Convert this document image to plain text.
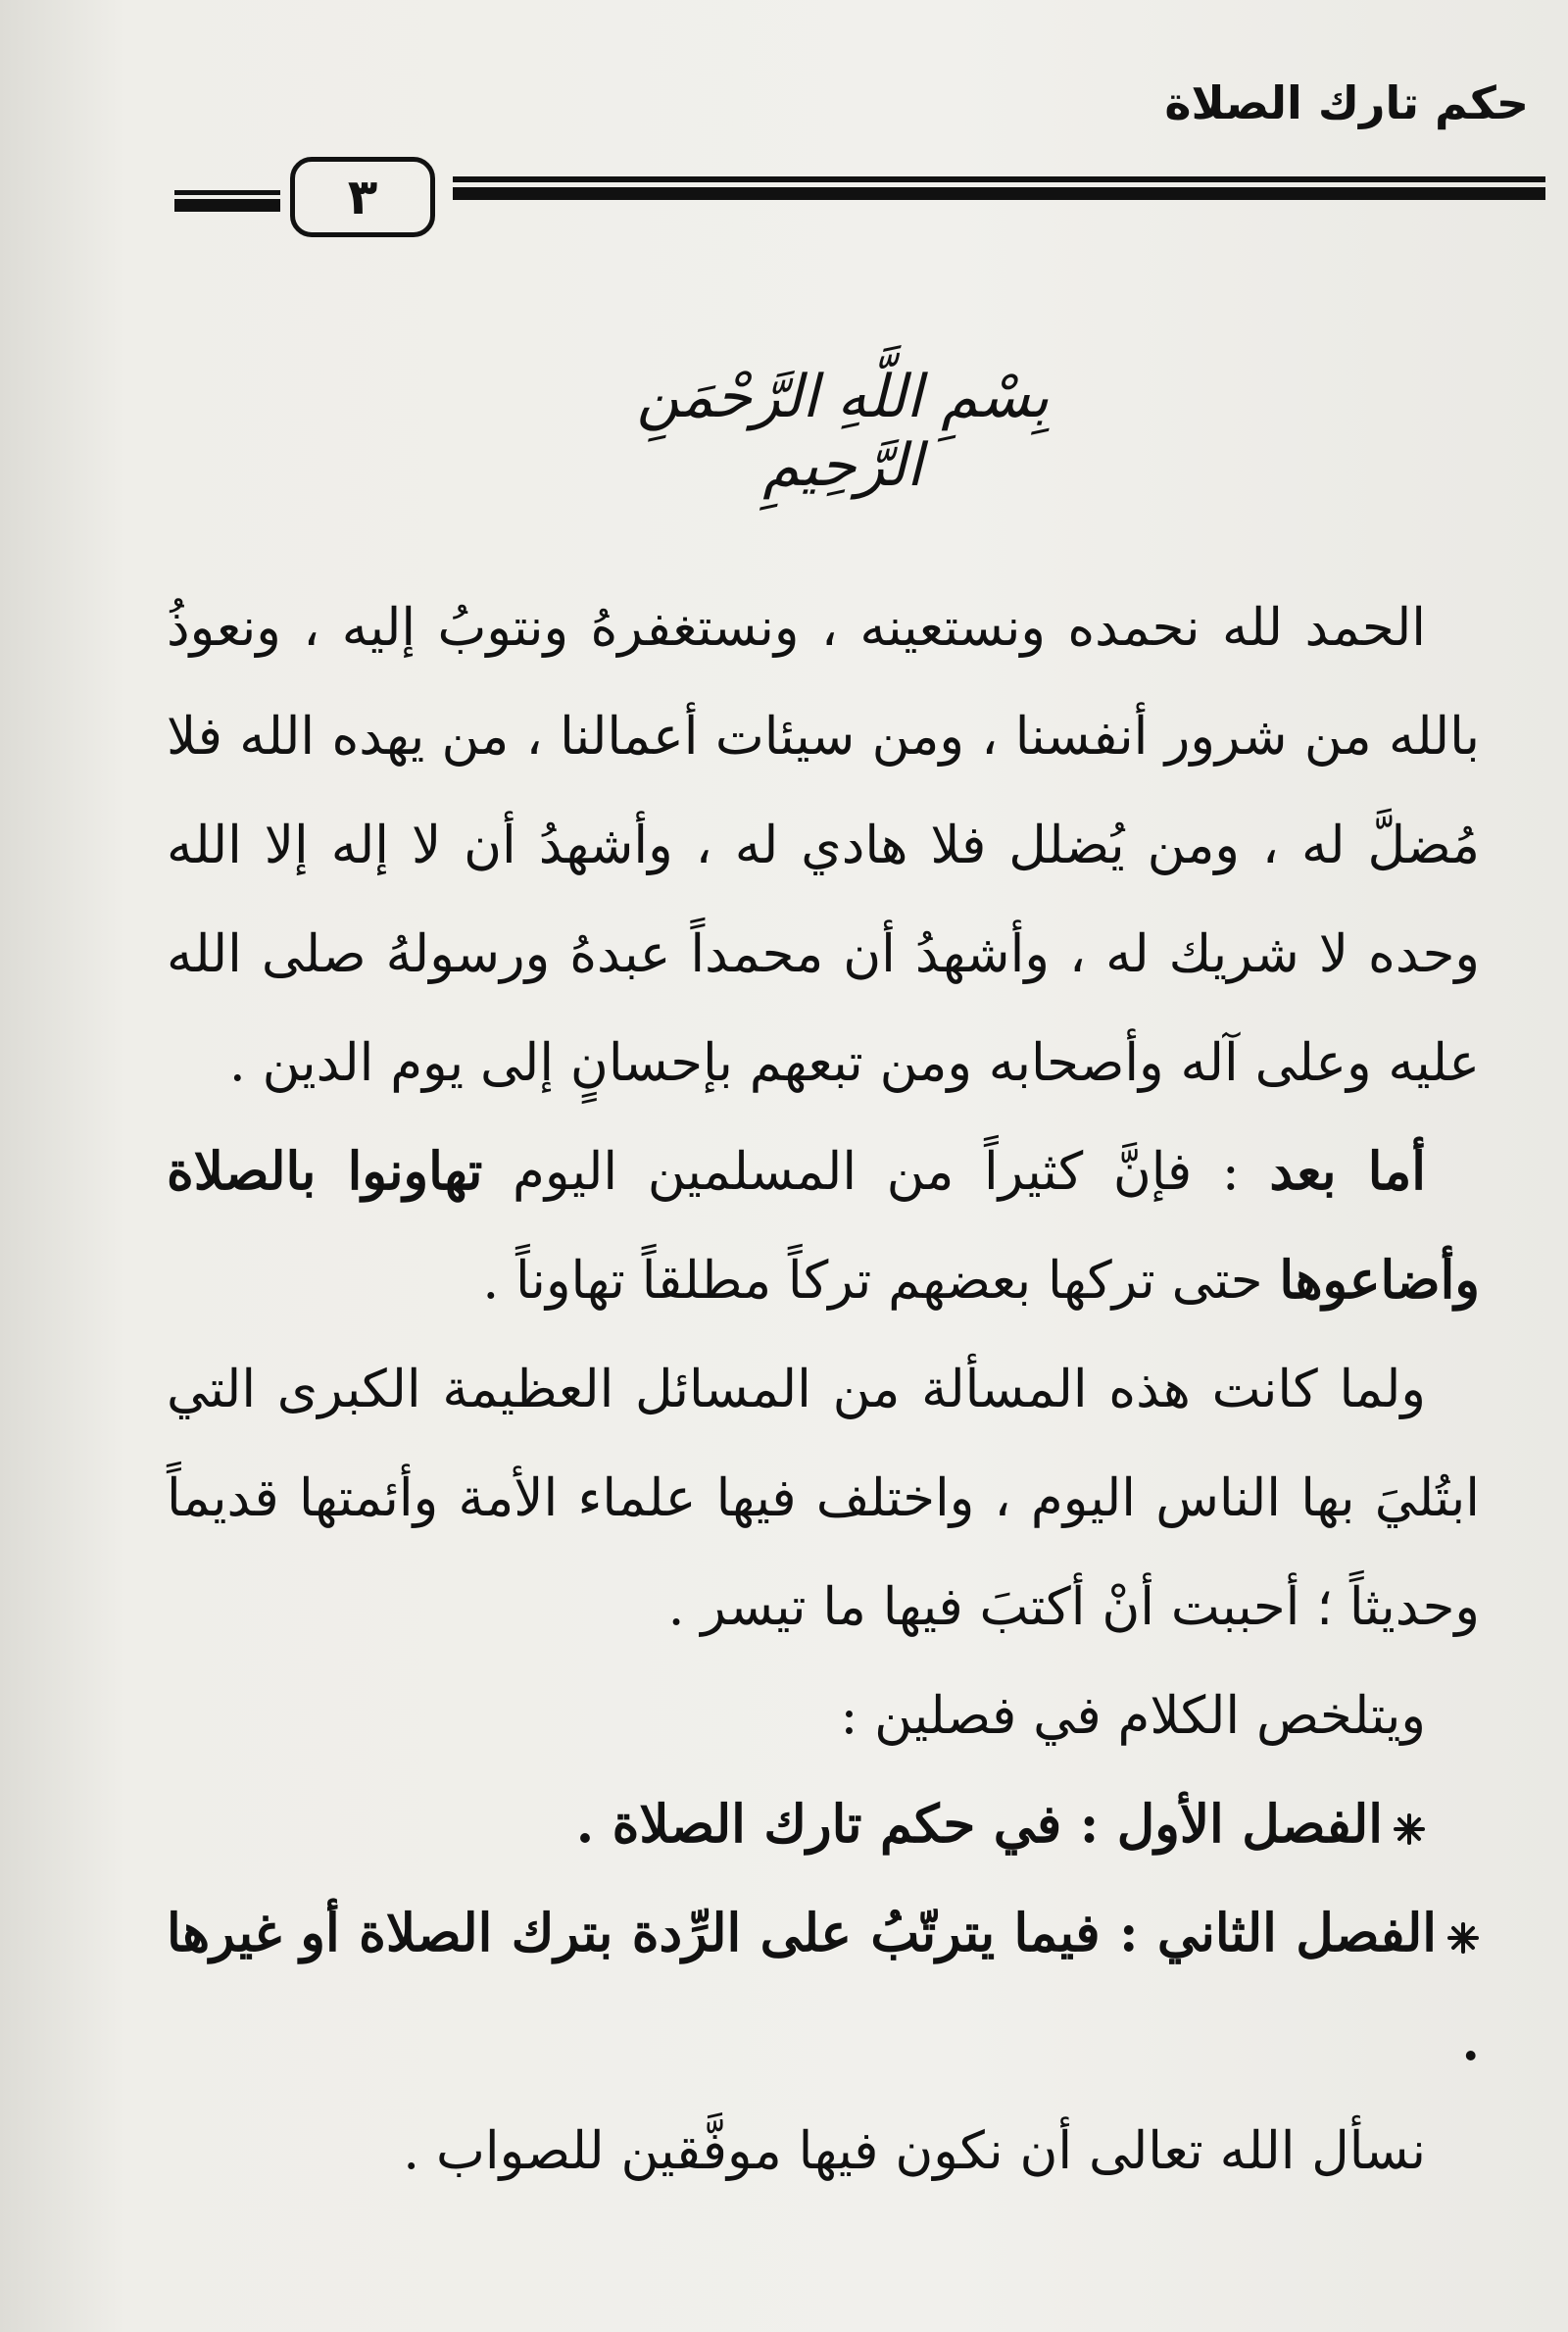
حكم تارك الصلاة
٣
بِسْمِ اللَّهِ الرَّحْمَنِ الرَّحِيمِ

الحمد لله نحمده ونستعينه ، ونستغفرهُ ونتوبُ إليه ، ونعوذُ بالله من شرور أنفسنا ، ومن سيئات أعمالنا ، من يهده الله فلا مُضلَّ له ، ومن يُضلل فلا هادي له ، وأشهدُ أن لا إله إلا الله وحده لا شريك له ، وأشهدُ أن محمداً عبدهُ ورسولهُ صلى الله عليه وعلى آله وأصحابه ومن تبعهم بإحسانٍ إلى يوم الدين .

أما بعد : فإنَّ كثيراً من المسلمين اليوم تهاونوا بالصلاة وأضاعوها حتى تركها بعضهم تركاً مطلقاً تهاوناً .

ولما كانت هذه المسألة من المسائل العظيمة الكبرى التي ابتُليَ بها الناس اليوم ، واختلف فيها علماء الأمة وأئمتها قديماً وحديثاً ؛ أحببت أنْ أكتبَ فيها ما تيسر .

ويتلخص الكلام في فصلين :

الفصل الأول : في حكم تارك الصلاة .

الفصل الثاني : فيما يترتّبُ على الرِّدة بترك الصلاة أو غيرها .

نسأل الله تعالى أن نكون فيها موفَّقين للصواب .
